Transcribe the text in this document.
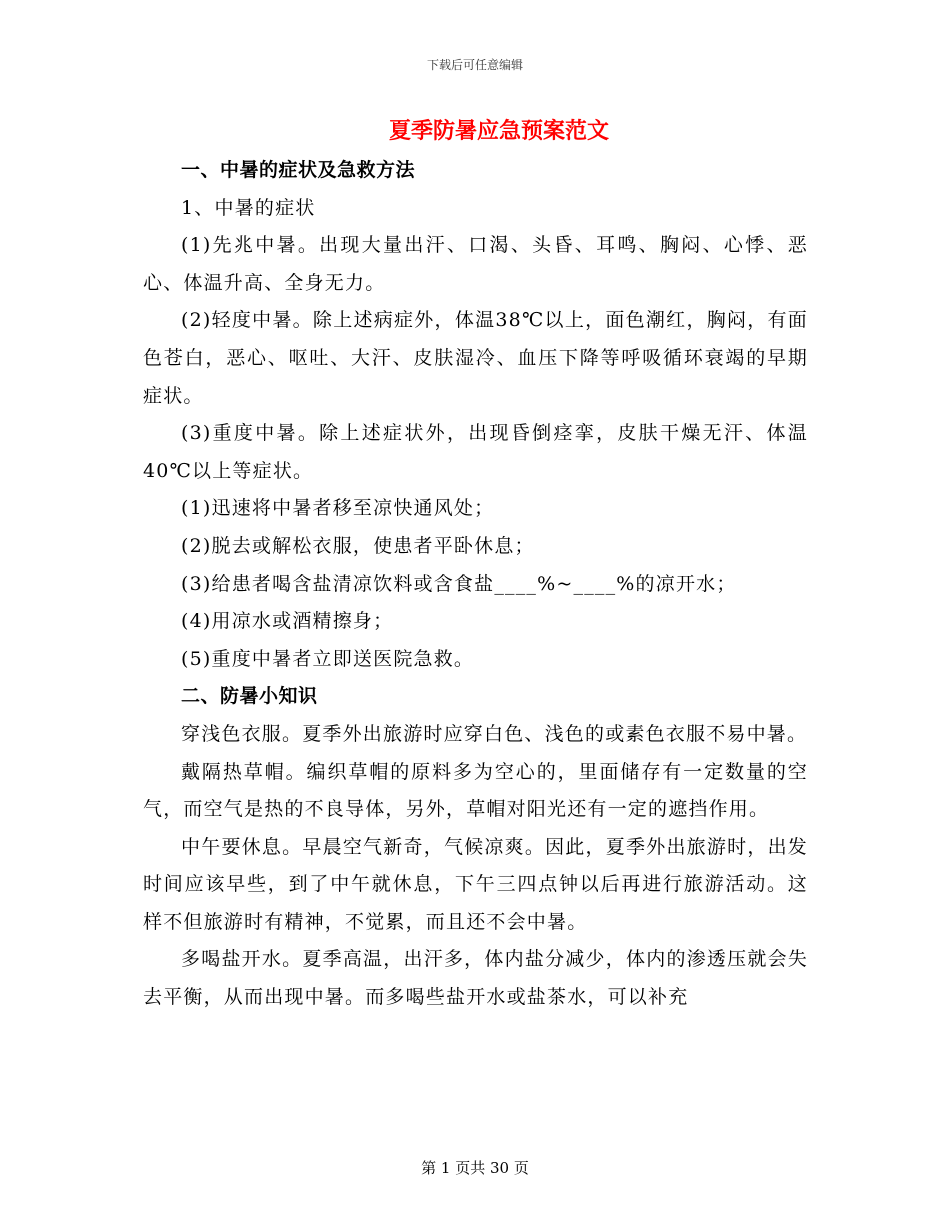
下载后可任意编辑
夏季防暑应急预案范文

一、中暑的症状及急救方法

1、中暑的症状

(1)先兆中暑。出现大量出汗、口渴、头昏、耳鸣、胸闷、心悸、恶心、体温升高、全身无力。

(2)轻度中暑。除上述病症外，体温38℃以上，面色潮红，胸闷，有面色苍白，恶心、呕吐、大汗、皮肤湿冷、血压下降等呼吸循环衰竭的早期症状。

(3)重度中暑。除上述症状外，出现昏倒痉挛，皮肤干燥无汗、体温40℃以上等症状。

(1)迅速将中暑者移至凉快通风处；

(2)脱去或解松衣服，使患者平卧休息；

(3)给患者喝含盐清凉饮料或含食盐____%~____%的凉开水；

(4)用凉水或酒精擦身；

(5)重度中暑者立即送医院急救。

二、防暑小知识

穿浅色衣服。夏季外出旅游时应穿白色、浅色的或素色衣服不易中暑。

戴隔热草帽。编织草帽的原料多为空心的，里面储存有一定数量的空气，而空气是热的不良导体，另外，草帽对阳光还有一定的遮挡作用。

中午要休息。早晨空气新奇，气候凉爽。因此，夏季外出旅游时，出发时间应该早些，到了中午就休息，下午三四点钟以后再进行旅游活动。这样不但旅游时有精神，不觉累，而且还不会中暑。

多喝盐开水。夏季高温，出汗多，体内盐分减少，体内的渗透压就会失去平衡，从而出现中暑。而多喝些盐开水或盐茶水，可以补充

第 1 页共 30 页
